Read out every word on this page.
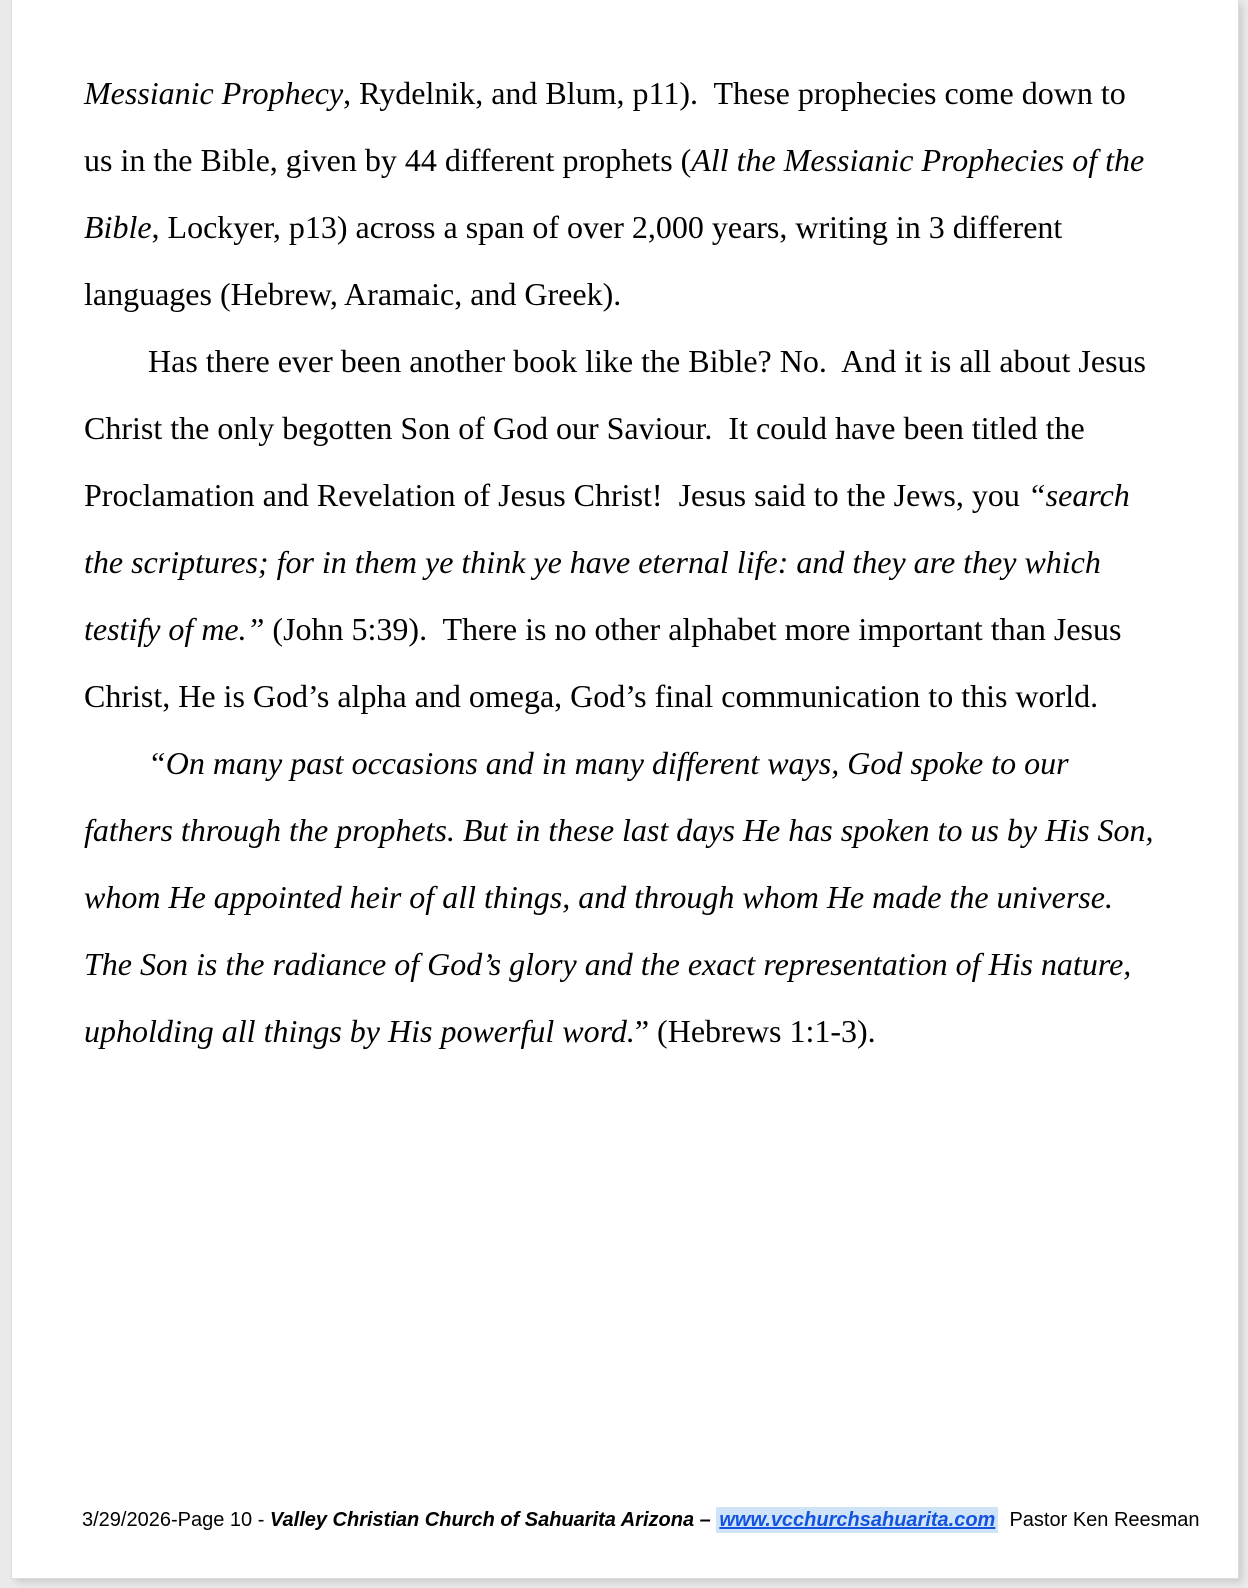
Messianic Prophecy, Rydelnik, and Blum, p11).  These prophecies come down to us in the Bible, given by 44 different prophets (All the Messianic Prophecies of the Bible, Lockyer, p13) across a span of over 2,000 years, writing in 3 different languages (Hebrew, Aramaic, and Greek).

Has there ever been another book like the Bible? No.  And it is all about Jesus Christ the only begotten Son of God our Saviour.  It could have been titled the Proclamation and Revelation of Jesus Christ!  Jesus said to the Jews, you “search the scriptures; for in them ye think ye have eternal life: and they are they which testify of me.” (John 5:39).  There is no other alphabet more important than Jesus Christ, He is God’s alpha and omega, God’s final communication to this world.

“On many past occasions and in many different ways, God spoke to our fathers through the prophets. But in these last days He has spoken to us by His Son, whom He appointed heir of all things, and through whom He made the universe. The Son is the radiance of God’s glory and the exact representation of His nature, upholding all things by His powerful word.” (Hebrews 1:1-3).

3/29/2026-Page 10 - Valley Christian Church of Sahuarita Arizona – www.vcchurchsahuarita.com  Pastor Ken Reesman
